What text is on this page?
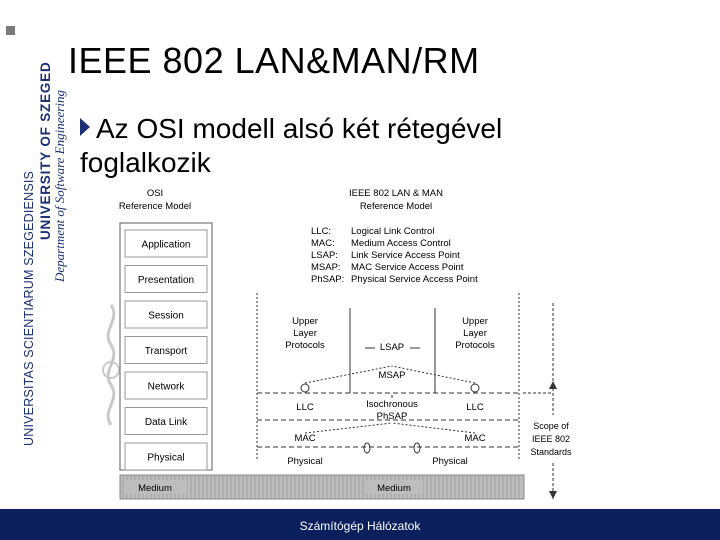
UNIVERSITAS SCIENTIARUM SZEGEDIENSIS
UNIVERSITY OF SZEGED Department of Software Engineering
IEEE 802 LAN&MAN/RM
Az OSI modell alsó két rétegével foglalkozik
OSI
Reference Model
Application
Presentation
Session
Transport
Network
Data Link
Physical
IEEE 802 LAN & MAN
Reference Model
LLC: Logical Link Control
MAC: Medium Access Control
LSAP: Link Service Access Point
MSAP: MAC Service Access Point
PhSAP: Physical Service Access Point
Upper
Layer
Protocols
Upper
Layer
Protocols
LSAP
MSAP
LLC	LLC
Isochronous
PhSAP
MAC	MAC
Physical	Physical
Medium	Medium
Scope of
IEEE 802
Standards
Számítógép Hálózatok
